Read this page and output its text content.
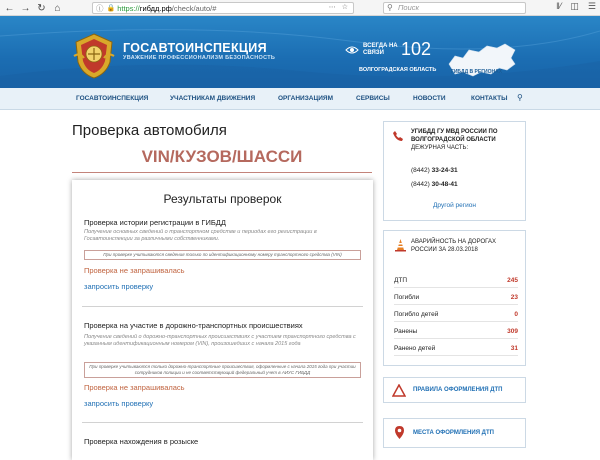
← → ↻ ⌂	ⓘ 🔒 https:// гибдд.рф /check/auto/#	⋯ ☆	⚲ Поиск	‖⁄ ◫ ☰
ГОСАВТОИНСПЕКЦИЯ
УВАЖЕНИЕ ПРОФЕССИОНАЛИЗМ БЕЗОПАСНОСТЬ
ВСЕГДА НА СВЯЗИ 102
ВОЛГОГРАДСКАЯ ОБЛАСТЬ	ГИБДД В РЕГИОНАХ
ГОСАВТОИНСПЕКЦИЯ	УЧАСТНИКАМ ДВИЖЕНИЯ	ОРГАНИЗАЦИЯМ	СЕРВИСЫ	НОВОСТИ	КОНТАКТЫ ⚲
Проверка автомобиля
VIN/КУЗОВ/ШАССИ
Результаты проверок
Проверка истории регистрации в ГИБДД
Получение основных сведений о транспортном средстве и периодах его регистрации в Госавтоинспекции за различными собственниками.
При проверке учитываются сведения только по идентификационному номеру транспортного средства (VIN)
Проверка не запрашивалась
запросить проверку
Проверка на участие в дорожно-транспортных происшествиях
Получение сведений о дорожно-транспортных происшествиях с участием транспортного средства с указанным идентификационным номером (VIN), произошедших с начала 2015 года
При проверке учитываются только дорожно-транспортные происшествия, оформленные с начала 2015 года при участии сотрудников полиции и не соответствующий федеральный учет в АИУС ГИБДД
Проверка не запрашивалась
запросить проверку
Проверка нахождения в розыске
УГИБДД ГУ МВД РОССИИ ПО ВОЛГОГРАДСКОЙ ОБЛАСТИ
ДЕЖУРНАЯ ЧАСТЬ:
(8442) 33-24-31
(8442) 30-48-41
Другой регион
АВАРИЙНОСТЬ НА ДОРОГАХ РОССИИ ЗА 28.03.2018
ДТП	245
Погибли	23
Погибло детей	0
Ранены	309
Ранено детей	31
ПРАВИЛА ОФОРМЛЕНИЯ ДТП
МЕСТА ОФОРМЛЕНИЯ ДТП
